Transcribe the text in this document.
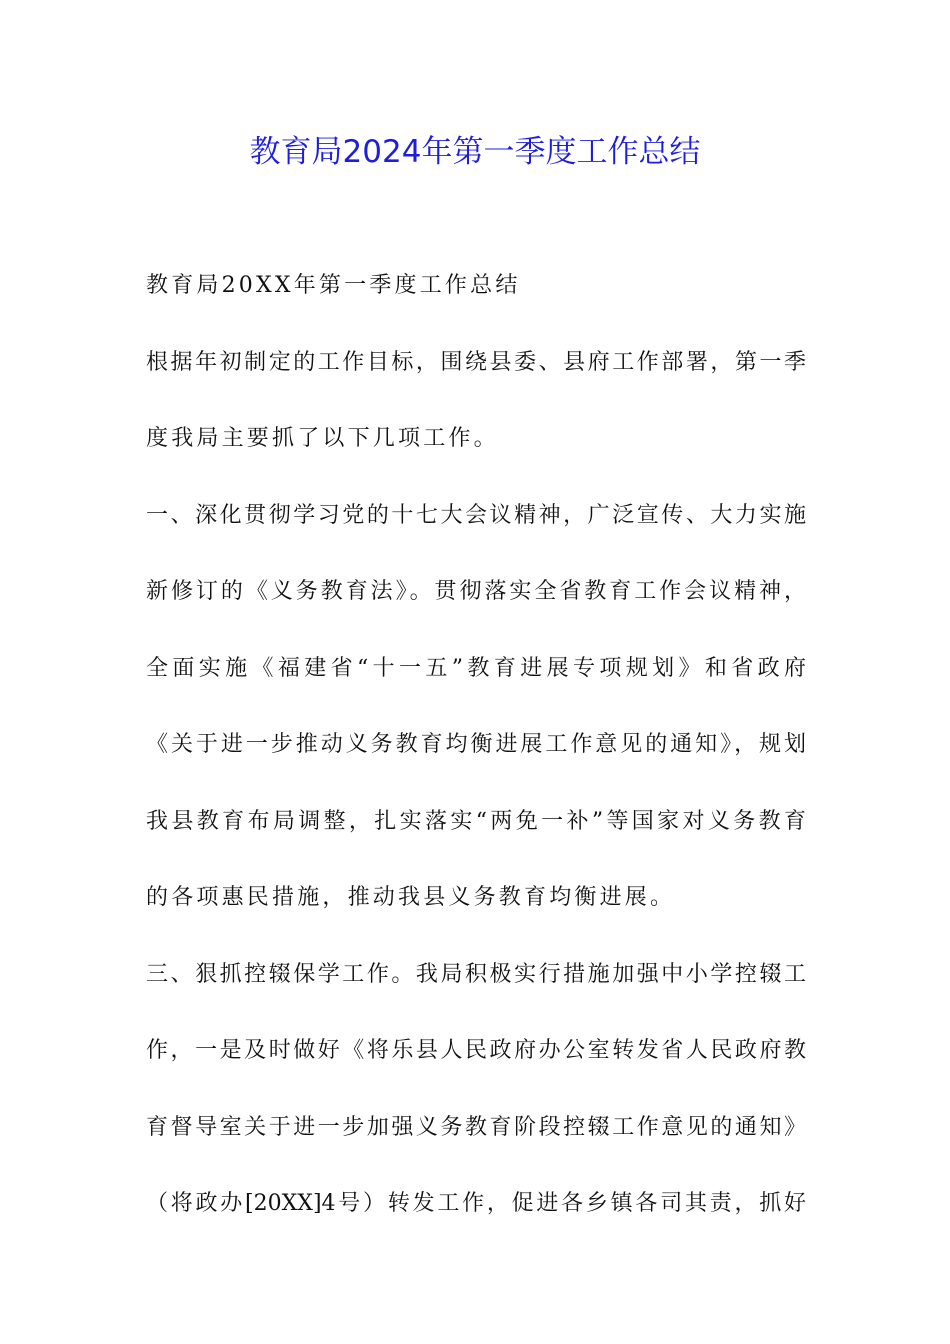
教育局2024年第一季度工作总结
教育局20XX年第一季度工作总结
根据年初制定的工作目标，围绕县委、县府工作部署，第一季
度我局主要抓了以下几项工作。
一、深化贯彻学习党的十七大会议精神，广泛宣传、大力实施
新修订的《义务教育法》。贯彻落实全省教育工作会议精神，
全面实施《福建省“十一五”教育进展专项规划》和省政府
《关于进一步推动义务教育均衡进展工作意见的通知》，规划
我县教育布局调整，扎实落实“两免一补”等国家对义务教育
的各项惠民措施，推动我县义务教育均衡进展。
三、狠抓控辍保学工作。我局积极实行措施加强中小学控辍工
作，一是及时做好《将乐县人民政府办公室转发省人民政府教
育督导室关于进一步加强义务教育阶段控辍工作意见的通知》
（将政办[20XX]4号）转发工作，促进各乡镇各司其责，抓好
